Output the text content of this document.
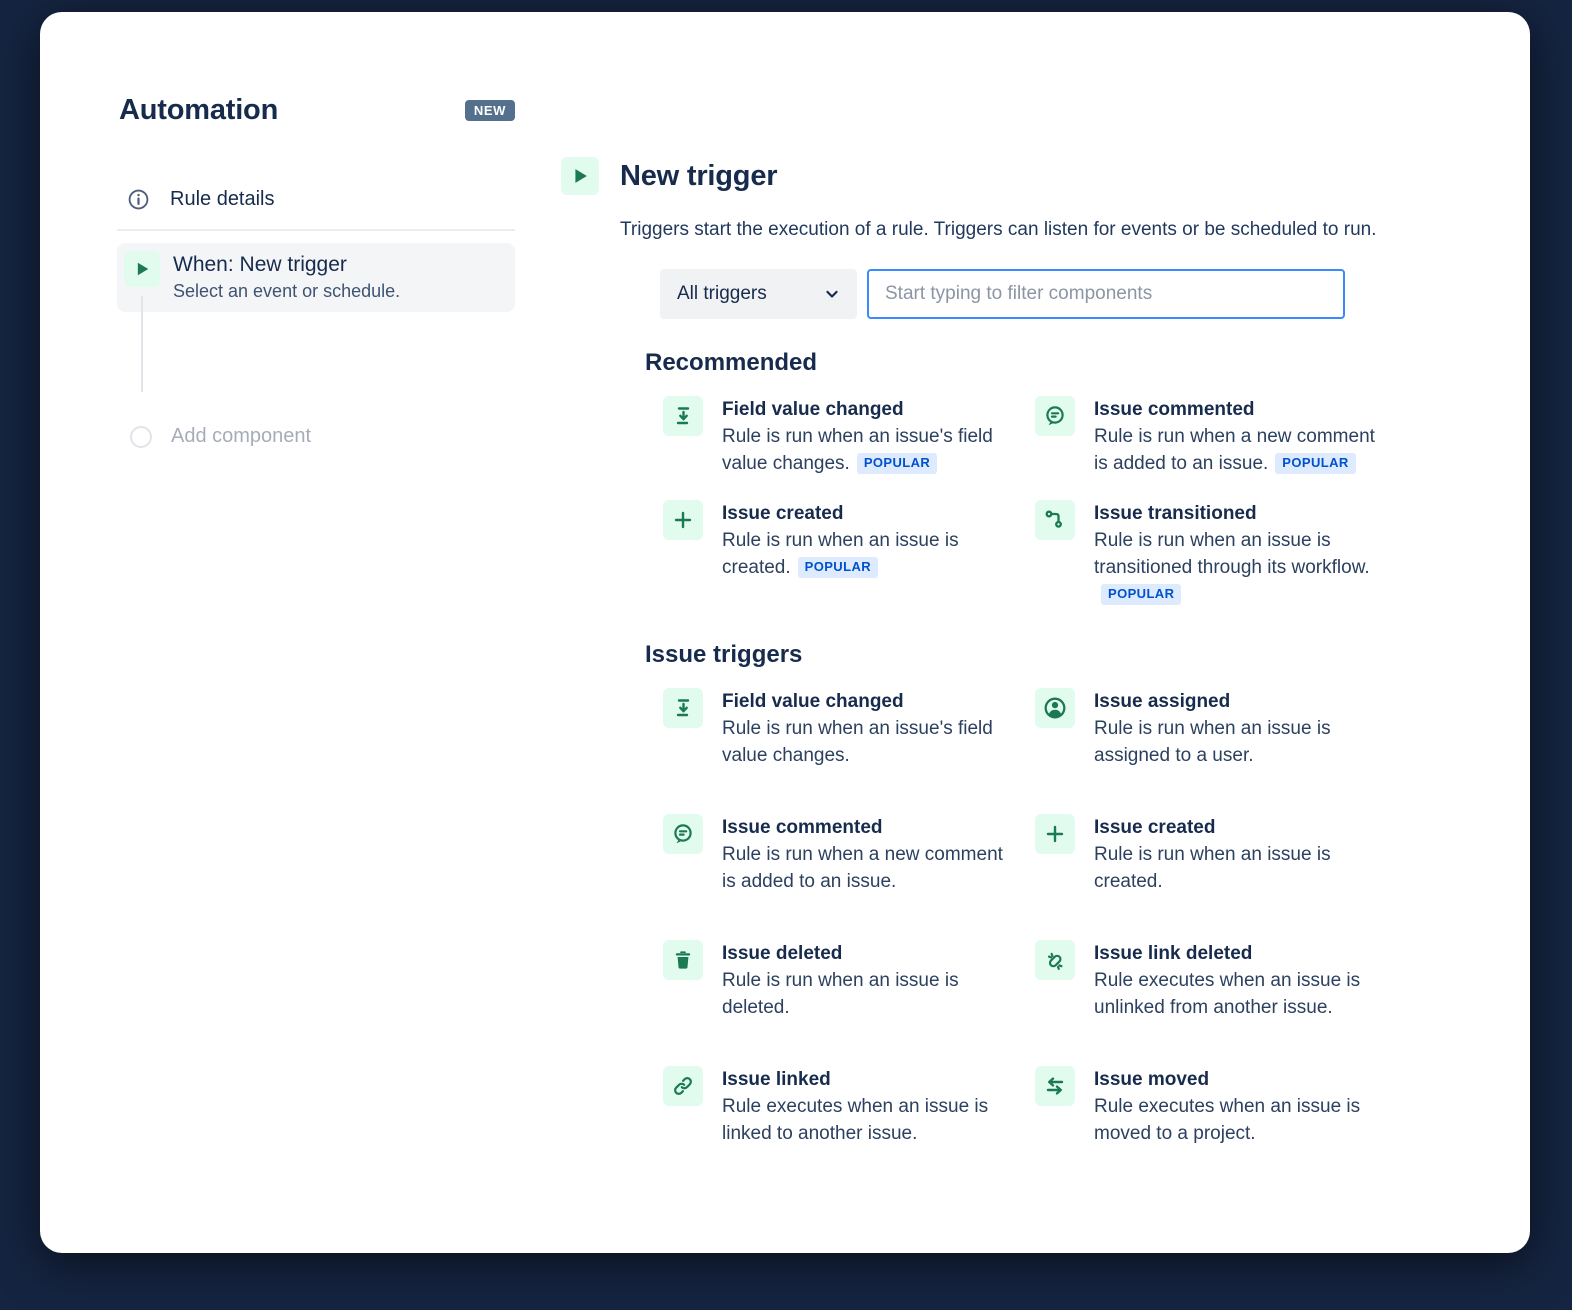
Automation	NEW
Rule details
When: New trigger
Select an event or schedule.
Add component
New trigger

Triggers start the execution of a rule. Triggers can listen for events or be scheduled to run.

All triggers
Start typing to filter components
Recommended
Field value changed
Rule is run when an issue's field value changes. POPULAR
Issue commented
Rule is run when a new comment is added to an issue. POPULAR
Issue created
Rule is run when an issue is created. POPULAR
Issue transitioned
Rule is run when an issue is transitioned through its workflow.POPULAR
Issue triggers
Field value changed
Rule is run when an issue's field value changes.
Issue assigned
Rule is run when an issue is assigned to a user.
Issue commented
Rule is run when a new comment is added to an issue.
Issue created
Rule is run when an issue is created.
Issue deleted
Rule is run when an issue is deleted.
Issue link deleted
Rule executes when an issue is unlinked from another issue.
Issue linked
Rule executes when an issue is linked to another issue.
Issue moved
Rule executes when an issue is moved to a project.
